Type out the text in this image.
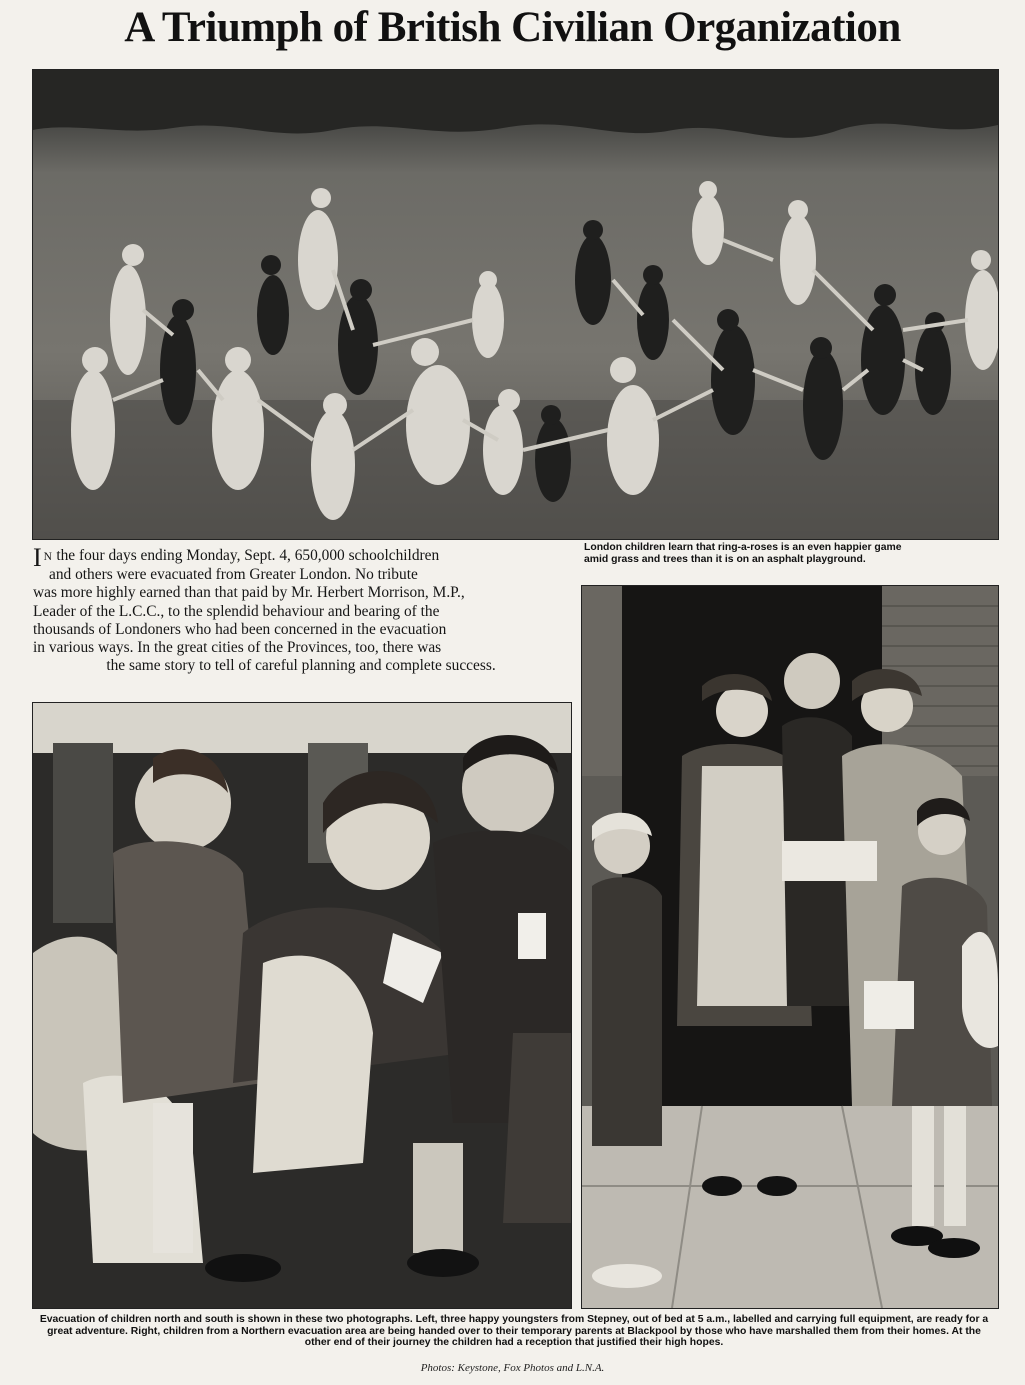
A Triumph of British Civilian Organization
London children learn that ring-a-roses is an even happier game
amid grass and trees than it is on an asphalt playground.
I N the four days ending Monday, Sept. 4, 650,000 schoolchildren
and others were evacuated from Greater London. No tribute
was more highly earned than that paid by Mr. Herbert Morrison, M.P.,
Leader of the L.C.C., to the splendid behaviour and bearing of the
thousands of Londoners who had been concerned in the evacuation
in various ways. In the great cities of the Provinces, too, there was
the same story to tell of careful planning and complete success.
Evacuation of children north and south is shown in these two photographs. Left, three happy youngsters from Stepney, out of bed at 5 a.m., labelled and carrying full equipment, are ready for a great adventure. Right, children from a Northern evacuation area are being handed over to their temporary parents at Blackpool by those who have marshalled them from their homes. At the other end of their journey the children had a reception that justified their high hopes.
Photos: Keystone, Fox Photos and L.N.A.
